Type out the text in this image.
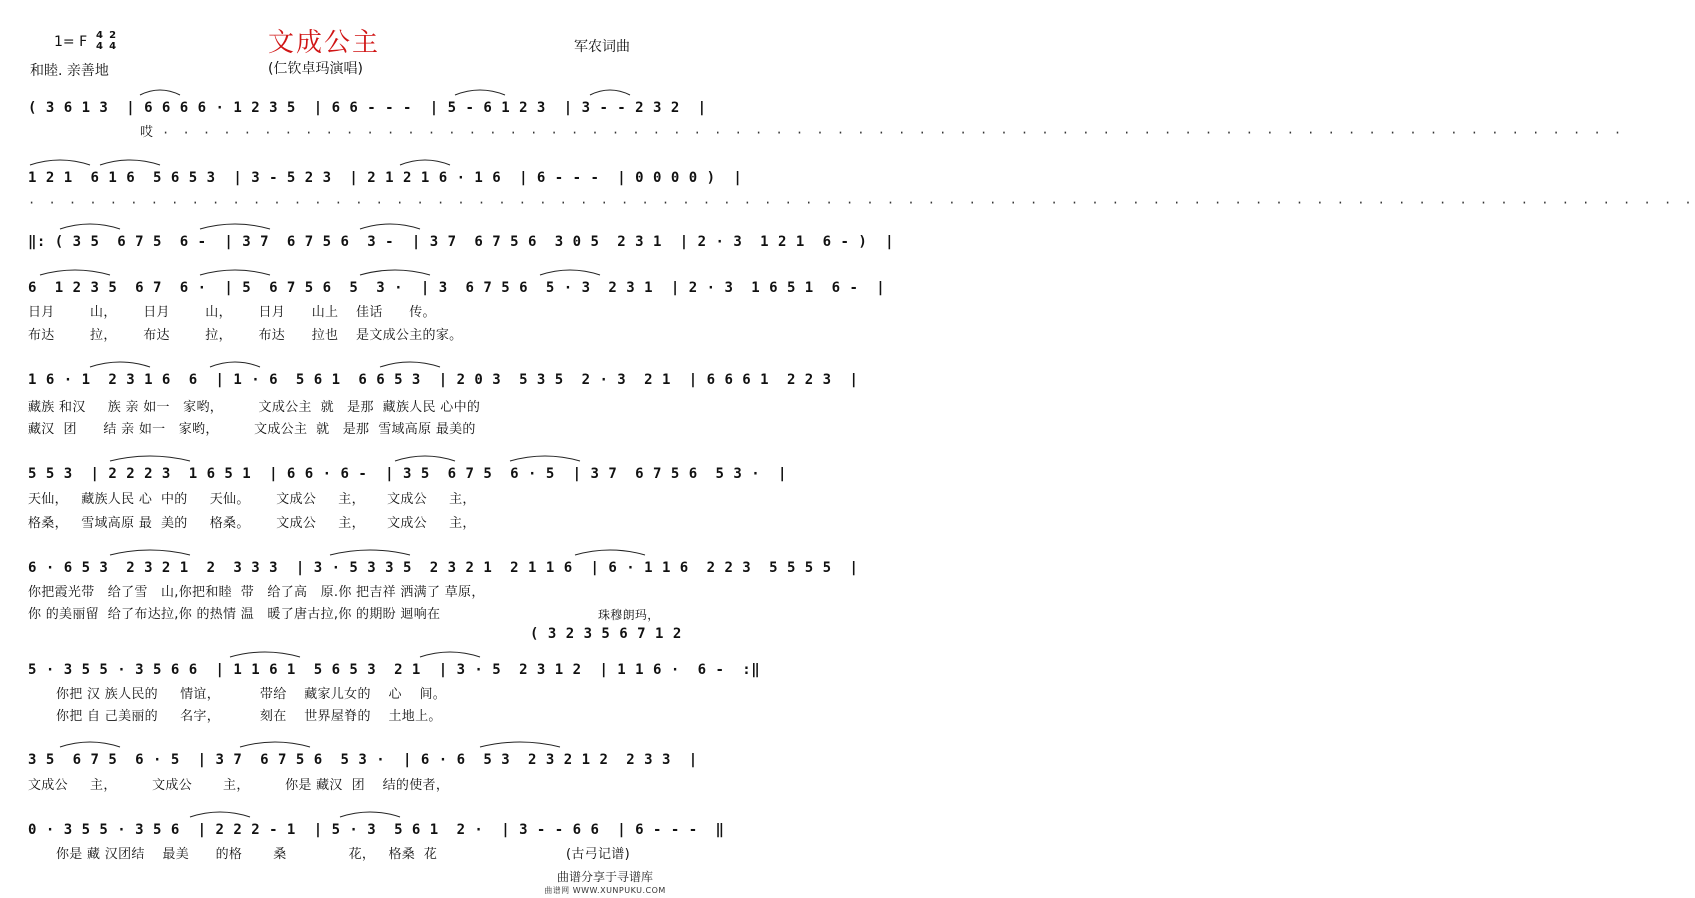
文成公主
1= F 4
4 2
4
和睦. 亲善地	(仁钦卓玛演唱)
军农词曲
( 3 6 1 3  | 6 6 6 6 · 1 2 3 5  | 6 6 - - -  | 5 - 6 1 2 3  | 3 - - 2 3 2  |
哎 · · · · · · · · · · · · · · · · · · · · · · · · · · · · · · · · · · · · · · · · · · · · · · · · · · · · · · · · · · · · · · · · · · · · · · · ·
1 2 1  6 1 6  5 6 5 3  | 3 - 5 2 3  | 2 1 2 1 6 · 1 6  | 6 - - -  | 0 0 0 0 )  |
· · · · · · · · · · · · · · · · · · · · · · · · · · · · · · · · · · · · · · · · · · · · · · · · · · · · · · · · · · · · · · · · · · · · · · · · · · · · · · · · · ·
‖: ( 3 5  6 7 5  6 -  | 3 7  6 7 5 6  3 -  | 3 7  6 7 5 6  3 0 5  2 3 1  | 2 · 3  1 2 1  6 - )  |
6  1 2 3 5  6 7  6 ·  | 5  6 7 5 6  5  3 ·  | 3  6 7 5 6  5 · 3  2 3 1  | 2 · 3  1 6 5 1  6 -  |
日月        山，      日月        山，      日月      山上    佳话      传。
布达        拉，      布达        拉，      布达      拉也    是文成公主的家。
1 6 · 1  2 3 1 6  6  | 1 · 6  5 6 1  6 6 5 3  | 2 0 3  5 3 5  2 · 3  2 1  | 6 6 6 1  2 2 3  |
藏族 和汉     族 亲 如一   家哟，        文成公主  就   是那  藏族人民 心中的
藏汉  团      结 亲 如一   家哟，        文成公主  就   是那  雪域高原 最美的
5 5 3  | 2 2 2 3  1 6 5 1  | 6 6 · 6 -  | 3 5  6 7 5  6 · 5  | 3 7  6 7 5 6  5 3 ·  |
天仙，   藏族人民 心  中的     天仙。      文成公     主，     文成公     主，
格桑，   雪域高原 最  美的     格桑。      文成公     主，     文成公     主，
6 · 6 5 3  2 3 2 1  2  3 3 3  | 3 · 5 3 3 5  2 3 2 1  2 1 1 6  | 6 · 1 1 6  2 2 3  5 5 5 5  |
你把霞光带   给了雪   山,你把和睦  带   给了高   原.你 把吉祥 洒满了 草原，
你 的美丽留  给了布达拉,你 的热情 温   暖了唐古拉,你 的期盼 迴响在	珠穆朗玛，
( 3 2 3 5 6 7 1 2
5 · 3 5 5 · 3 5 6 6  | 1 1 6 1  5 6 5 3  2 1  | 3 · 5  2 3 1 2  | 1 1 6 ·  6 -  :‖
你把 汉 族人民的     情谊，         带给    藏家儿女的    心    间。
你把 自 己美丽的     名字，         刻在    世界屋脊的    土地上。
3 5  6 7 5  6 · 5  | 3 7  6 7 5 6  5 3 ·  | 6 · 6  5 3  2 3 2 1 2  2 3 3  |
文成公     主，        文成公       主，        你是 藏汉  团    结的使者，
0 · 3 5 5 · 3 5 6  | 2 2 2 - 1  | 5 · 3  5 6 1  2 ·  | 3 - - 6 6  | 6 - - -  ‖
你是 藏 汉团结    最美      的格       桑              花，   格桑  花	(古弓记谱)
曲谱分享于寻谱库
曲谱网 WWW.XUNPUKU.COM
